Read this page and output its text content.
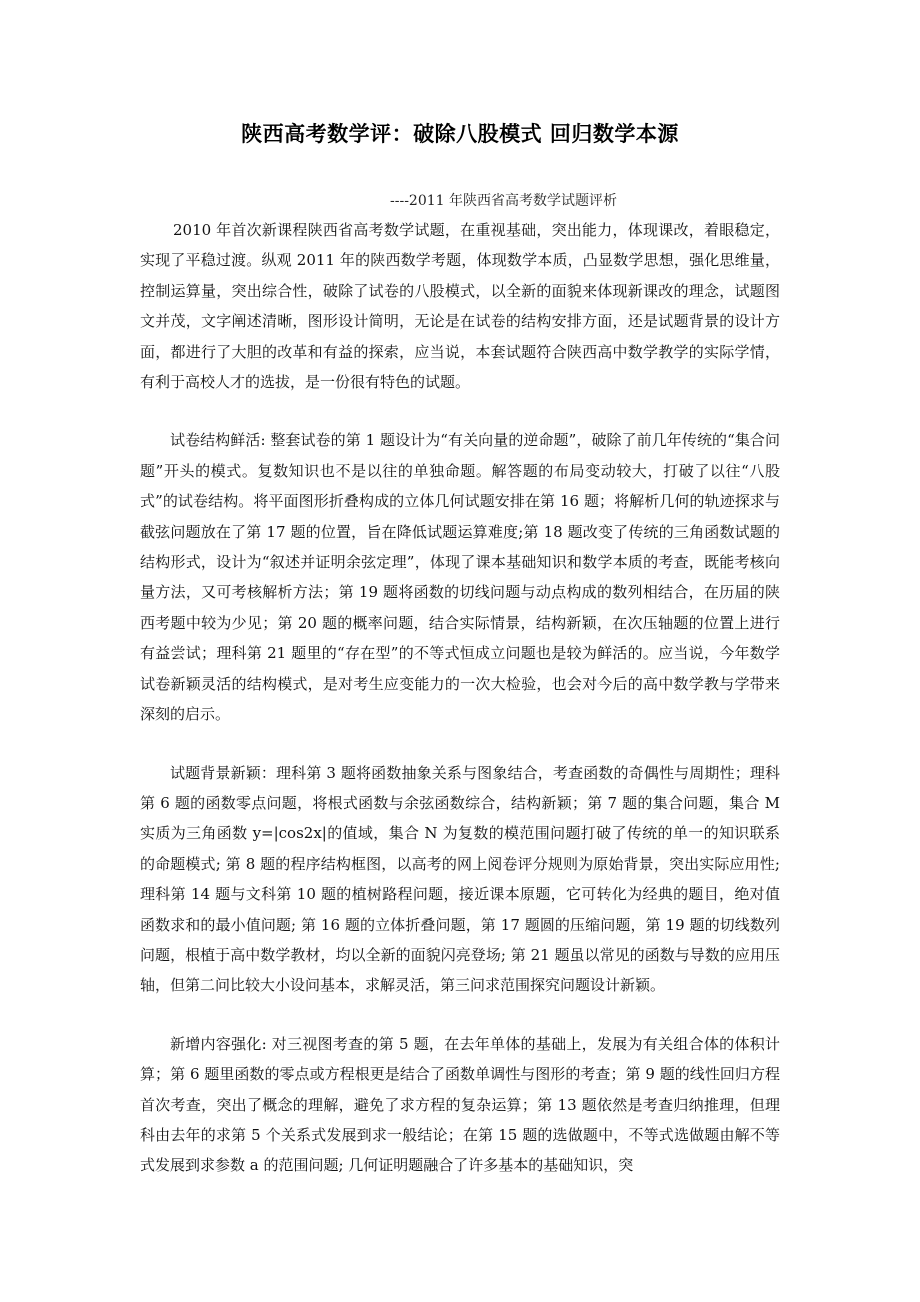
陕西高考数学评：破除八股模式 回归数学本源
----2011 年陕西省高考数学试题评析

2010 年首次新课程陕西省高考数学试题，在重视基础，突出能力，体现课改，着眼稳定，实现了平稳过渡。纵观 2011 年的陕西数学考题，体现数学本质，凸显数学思想，强化思维量，控制运算量，突出综合性，破除了试卷的八股模式，以全新的面貌来体现新课改的理念，试题图文并茂，文字阐述清晰，图形设计简明，无论是在试卷的结构安排方面，还是试题背景的设计方面，都进行了大胆的改革和有益的探索，应当说，本套试题符合陕西高中数学教学的实际学情，有利于高校人才的选拔，是一份很有特色的试题。

试卷结构鲜活: 整套试卷的第 1 题设计为“有关向量的逆命题”，破除了前几年传统的“集合问题”开头的模式。复数知识也不是以往的单独命题。解答题的布局变动较大，打破了以往“八股式”的试卷结构。将平面图形折叠构成的立体几何试题安排在第 16 题；将解析几何的轨迹探求与截弦问题放在了第 17 题的位置，旨在降低试题运算难度;第 18 题改变了传统的三角函数试题的结构形式，设计为“叙述并证明余弦定理”，体现了课本基础知识和数学本质的考查，既能考核向量方法，又可考核解析方法；第 19 题将函数的切线问题与动点构成的数列相结合，在历届的陕西考题中较为少见；第 20 题的概率问题，结合实际情景，结构新颖，在次压轴题的位置上进行有益尝试；理科第 21 题里的“存在型”的不等式恒成立问题也是较为鲜活的。应当说，今年数学试卷新颖灵活的结构模式，是对考生应变能力的一次大检验，也会对今后的高中数学教与学带来深刻的启示。

试题背景新颖：理科第 3 题将函数抽象关系与图象结合，考查函数的奇偶性与周期性；理科第 6 题的函数零点问题，将根式函数与余弦函数综合，结构新颖；第 7 题的集合问题，集合 M 实质为三角函数 y=|cos2x|的值域，集合 N 为复数的模范围问题打破了传统的单一的知识联系的命题模式; 第 8 题的程序结构框图，以高考的网上阅卷评分规则为原始背景，突出实际应用性; 理科第 14 题与文科第 10 题的植树路程问题，接近课本原题，它可转化为经典的题目，绝对值函数求和的最小值问题; 第 16 题的立体折叠问题，第 17 题圆的压缩问题，第 19 题的切线数列问题，根植于高中数学教材，均以全新的面貌闪亮登场; 第 21 题虽以常见的函数与导数的应用压轴，但第二问比较大小设问基本，求解灵活，第三问求范围探究问题设计新颖。

新增内容强化: 对三视图考查的第 5 题，在去年单体的基础上，发展为有关组合体的体积计算；第 6 题里函数的零点或方程根更是结合了函数单调性与图形的考查；第 9 题的线性回归方程首次考查，突出了概念的理解，避免了求方程的复杂运算；第 13 题依然是考查归纳推理，但理科由去年的求第 5 个关系式发展到求一般结论；在第 15 题的选做题中，不等式选做题由解不等式发展到求参数 a 的范围问题; 几何证明题融合了许多基本的基础知识，突
